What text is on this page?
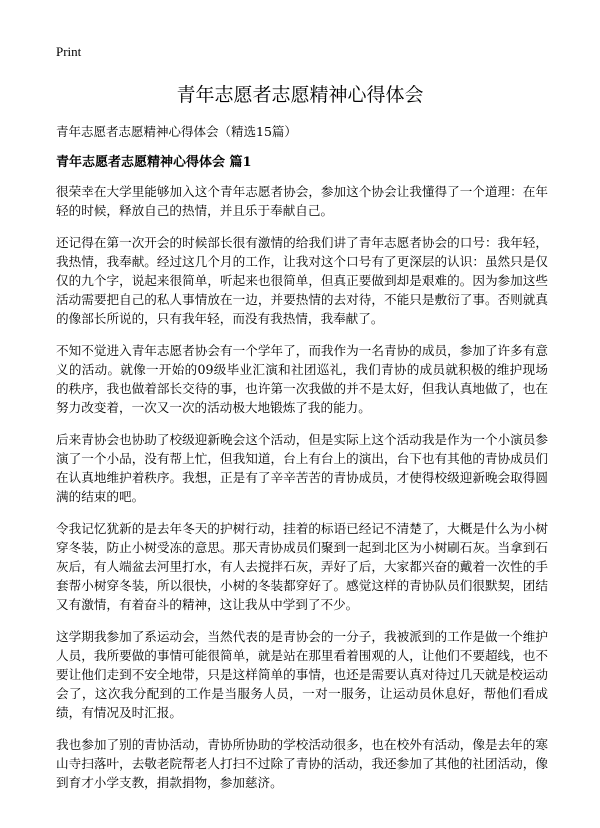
Print
青年志愿者志愿精神心得体会
青年志愿者志愿精神心得体会（精选15篇）
青年志愿者志愿精神心得体会 篇1

很荣幸在大学里能够加入这个青年志愿者协会，参加这个协会让我懂得了一个道理：在年轻的时候，释放自己的热情，并且乐于奉献自己。

还记得在第一次开会的时候部长很有激情的给我们讲了青年志愿者协会的口号：我年轻，我热情，我奉献。经过这几个月的工作，让我对这个口号有了更深层的认识：虽然只是仅仅的九个字，说起来很简单，听起来也很简单，但真正要做到却是艰难的。因为参加这些活动需要把自己的私人事情放在一边，并要热情的去对待，不能只是敷衍了事。否则就真的像部长所说的，只有我年轻，而没有我热情，我奉献了。

不知不觉进入青年志愿者协会有一个学年了，而我作为一名青协的成员，参加了许多有意义的活动。就像一开始的09级毕业汇演和社团巡礼，我们青协的成员就积极的维护现场的秩序，我也做着部长交待的事，也许第一次我做的并不是太好，但我认真地做了，也在努力改变着，一次又一次的活动极大地锻炼了我的能力。

后来青协会也协助了校级迎新晚会这个活动，但是实际上这个活动我是作为一个小演员参演了一个小品，没有帮上忙，但我知道，台上有台上的演出，台下也有其他的青协成员们在认真地维护着秩序。我想，正是有了辛辛苦苦的青协成员，才使得校级迎新晚会取得圆满的结束的吧。

令我记忆犹新的是去年冬天的护树行动，挂着的标语已经记不清楚了，大概是什么为小树穿冬装，防止小树受冻的意思。那天青协成员们聚到一起到北区为小树刷石灰。当拿到石灰后，有人端盆去河里打水，有人去搅拌石灰，弄好了后，大家都兴奋的戴着一次性的手套帮小树穿冬装，所以很快，小树的冬装都穿好了。感觉这样的青协队员们很默契，团结又有激情，有着奋斗的精神，这让我从中学到了不少。

这学期我参加了系运动会，当然代表的是青协会的一分子，我被派到的工作是做一个维护人员，我所要做的事情可能很简单，就是站在那里看着围观的人，让他们不要超线，也不要让他们走到不安全地带，只是这样简单的事情，也还是需要认真对待过几天就是校运动会了，这次我分配到的工作是当服务人员，一对一服务，让运动员休息好，帮他们看成绩，有情况及时汇报。

我也参加了别的青协活动，青协所协助的学校活动很多，也在校外有活动，像是去年的寒山寺扫落叶，去敬老院帮老人打扫不过除了青协的活动，我还参加了其他的社团活动，像到育才小学支教，捐款捐物，参加慈济。
